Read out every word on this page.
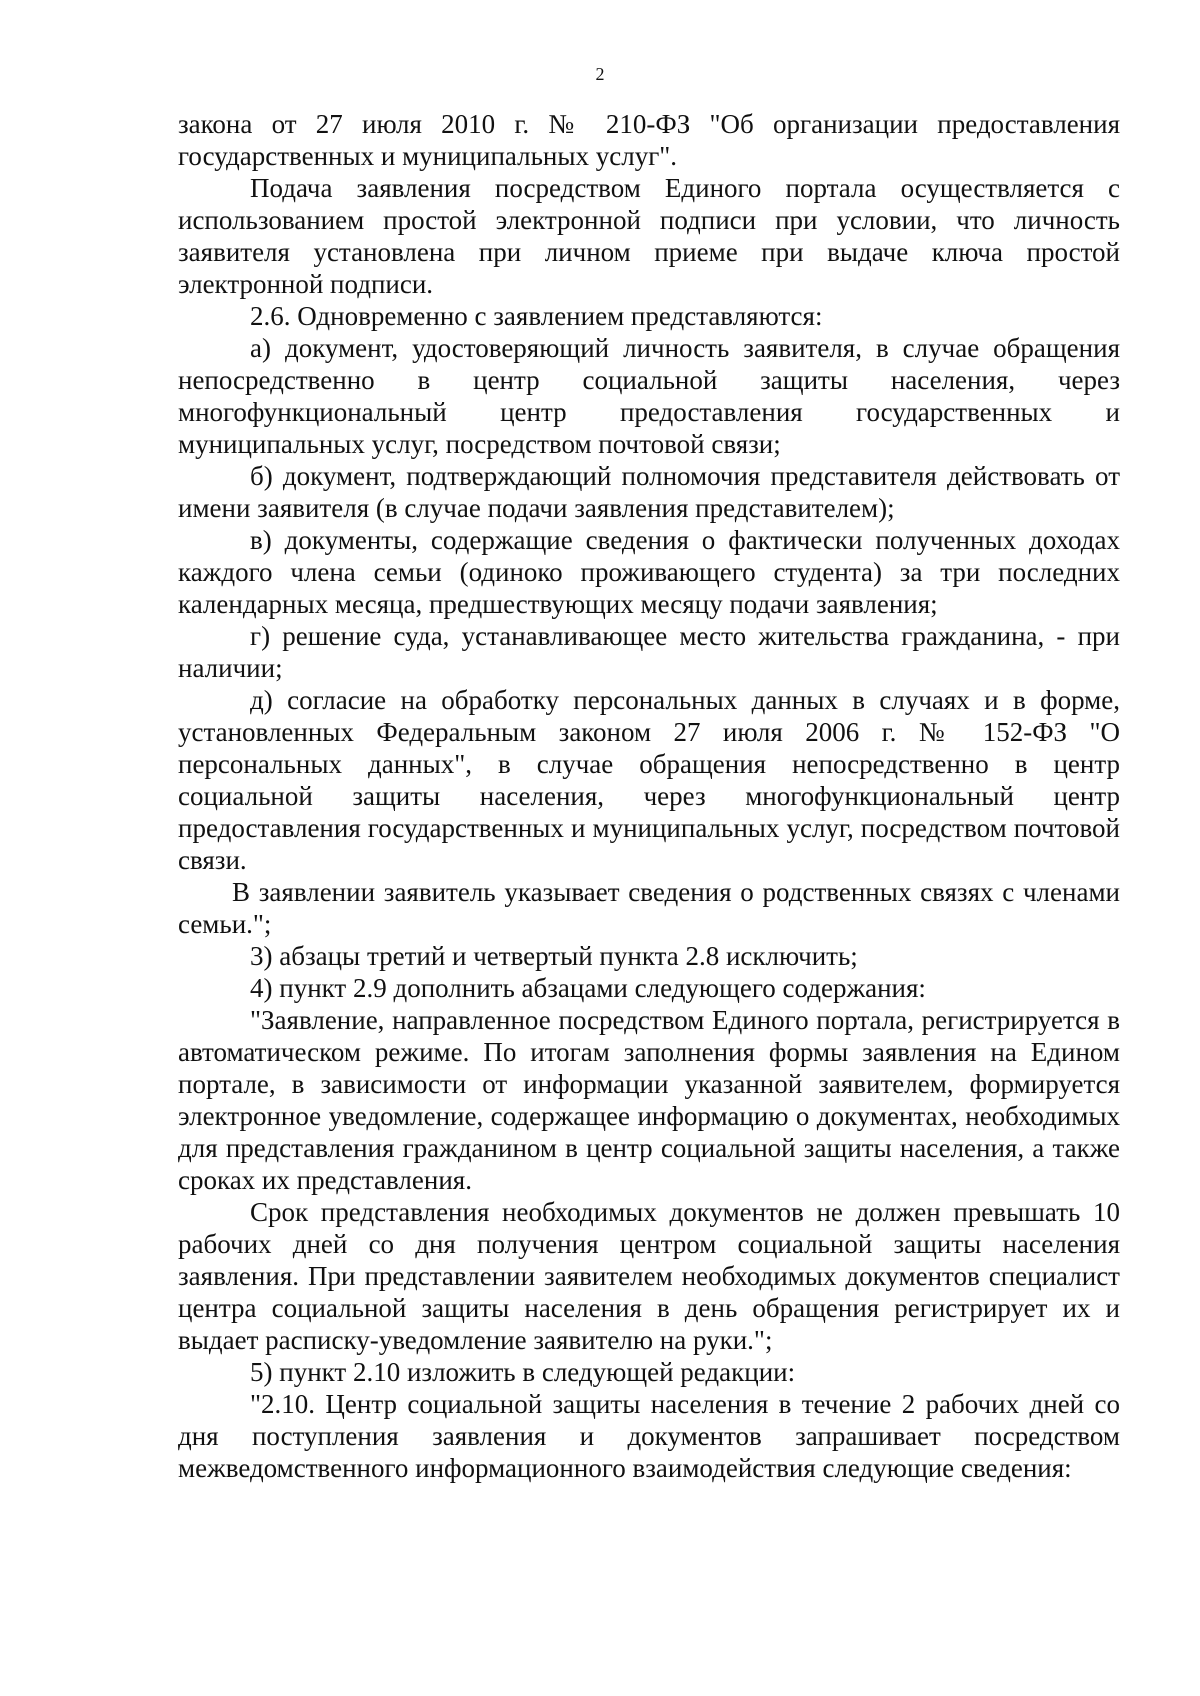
2

закона от 27 июля 2010 г. № 210-ФЗ "Об организации предоставления государственных и муниципальных услуг".

Подача заявления посредством Единого портала осуществляется с использованием простой электронной подписи при условии, что личность заявителя установлена при личном приеме при выдаче ключа простой электронной подписи.

2.6. Одновременно с заявлением представляются:

а) документ, удостоверяющий личность заявителя, в случае обращения непосредственно в центр социальной защиты населения, через многофункциональный центр предоставления государственных и муниципальных услуг, посредством почтовой связи;

б) документ, подтверждающий полномочия представителя действовать от имени заявителя (в случае подачи заявления представителем);

в) документы, содержащие сведения о фактически полученных доходах каждого члена семьи (одиноко проживающего студента) за три последних календарных месяца, предшествующих месяцу подачи заявления;

г) решение суда, устанавливающее место жительства гражданина, - при наличии;

д) согласие на обработку персональных данных в случаях и в форме, установленных Федеральным законом 27 июля 2006 г. № 152-ФЗ "О персональных данных", в случае обращения непосредственно в центр социальной защиты населения, через многофункциональный центр предоставления государственных и муниципальных услуг, посредством почтовой связи.

В заявлении заявитель указывает сведения о родственных связях с членами семьи.";

3) абзацы третий и четвертый пункта 2.8 исключить;

4) пункт 2.9 дополнить абзацами следующего содержания:

"Заявление, направленное посредством Единого портала, регистрируется в автоматическом режиме. По итогам заполнения формы заявления на Едином портале, в зависимости от информации указанной заявителем, формируется электронное уведомление, содержащее информацию о документах, необходимых для представления гражданином в центр социальной защиты населения, а также сроках их представления.

Срок представления необходимых документов не должен превышать 10 рабочих дней со дня получения центром социальной защиты населения заявления. При представлении заявителем необходимых документов специалист центра социальной защиты населения в день обращения регистрирует их и выдает расписку-уведомление заявителю на руки.";

5) пункт 2.10 изложить в следующей редакции:

"2.10. Центр социальной защиты населения в течение 2 рабочих дней со дня поступления заявления и документов запрашивает посредством межведомственного информационного взаимодействия следующие сведения:
